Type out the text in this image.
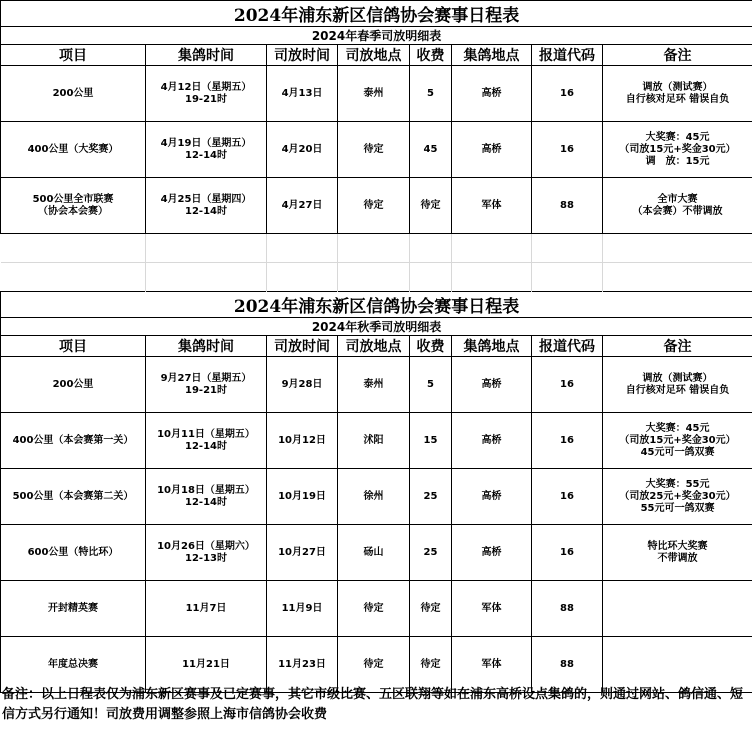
2024年浦东新区信鸽协会赛事日程表							
2024年春季司放明细表							
项目	集鸽时间	司放时间	司放地点	收费	集鸽地点	报道代码	备注

200公里	4月12日（星期五）
19-21时	4月13日	泰州	5	高桥	16	调放（测试赛）
自行核对足环 错误自负

400公里（大奖赛）	4月19日（星期五）
12-14时	4月20日	待定	45	高桥	16	大奖赛：45元
（司放15元+奖金30元）
调　放：15元

500公里全市联赛
（协会本会赛）	4月25日（星期四）
12-14时	4月27日	待定	待定	军体	88	全市大赛
（本会赛）不带调放

2024年浦东新区信鸽协会赛事日程表							
2024年秋季司放明细表							
项目	集鸽时间	司放时间	司放地点	收费	集鸽地点	报道代码	备注

200公里	9月27日（星期五）
19-21时	9月28日	泰州	5	高桥	16	调放（测试赛）
自行核对足环 错误自负

400公里（本会赛第一关）	10月11日（星期五）
12-14时	10月12日	沭阳	15	高桥	16	大奖赛：45元
（司放15元+奖金30元）
45元可一鸽双赛

500公里（本会赛第二关）	10月18日（星期五）
12-14时	10月19日	徐州	25	高桥	16	大奖赛：55元
（司放25元+奖金30元）
55元可一鸽双赛

600公里（特比环）	10月26日（星期六）
12-13时	10月27日	砀山	25	高桥	16	特比环大奖赛
不带调放

开封精英赛	11月7日	11月9日	待定	待定	军体	88	

年度总决赛	11月21日	11月23日	待定	待定	军体	88	

备注：以上日程表仅为浦东新区赛事及已定赛事，其它市级比赛、五区联翔等如在浦东高桥设点集鸽的，则通过网站、鸽信通、短信方式另行通知！司放费用调整参照上海市信鸽协会收费
